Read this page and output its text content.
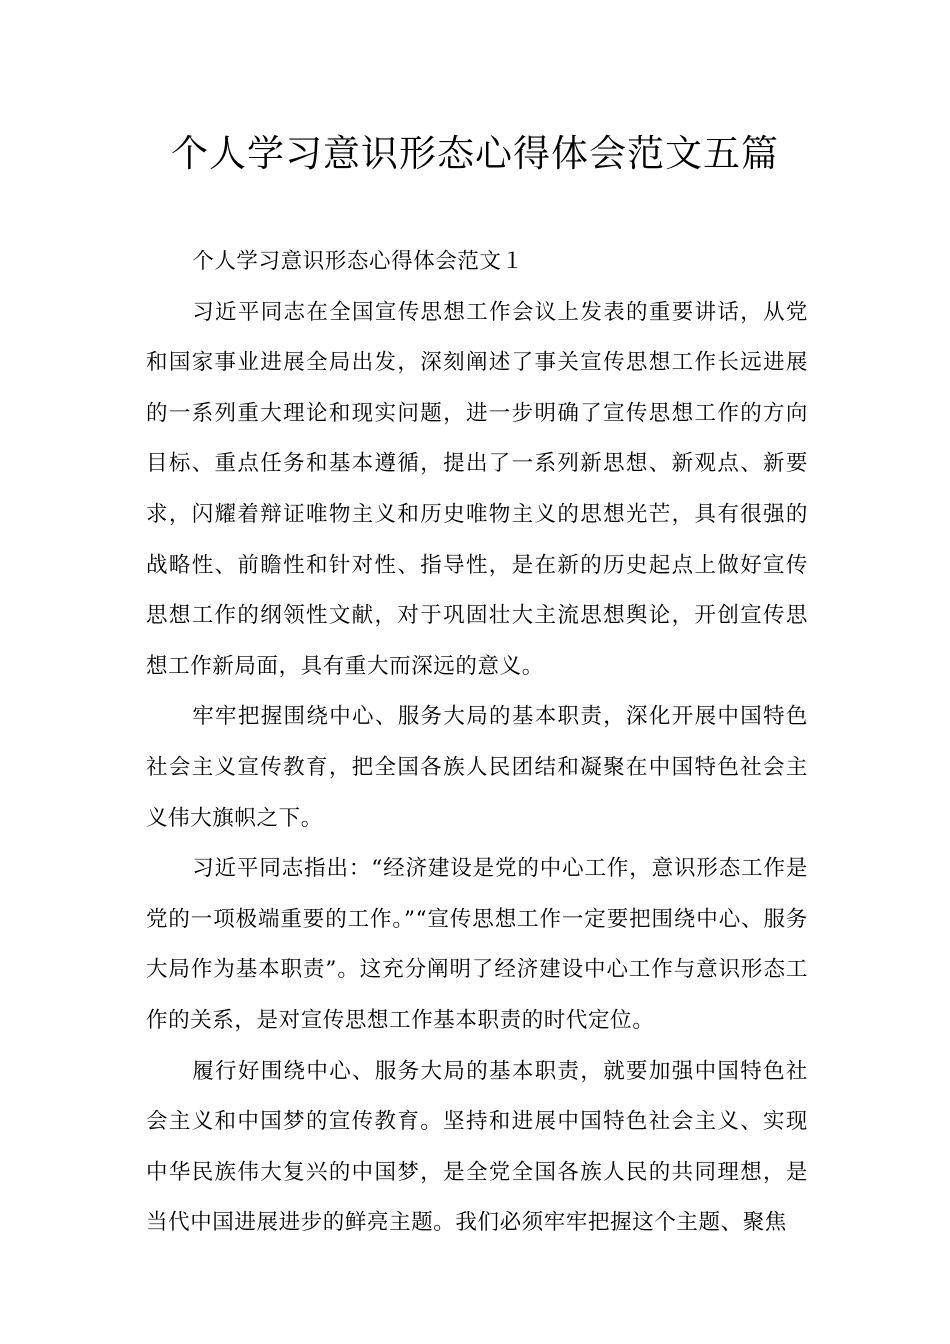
个人学习意识形态心得体会范文五篇

个人学习意识形态心得体会范文１

习近平同志在全国宣传思想工作会议上发表的重要讲话，从党和国家事业进展全局出发，深刻阐述了事关宣传思想工作长远进展的一系列重大理论和现实问题，进一步明确了宣传思想工作的方向目标、重点任务和基本遵循，提出了一系列新思想、新观点、新要求，闪耀着辩证唯物主义和历史唯物主义的思想光芒，具有很强的战略性、前瞻性和针对性、指导性，是在新的历史起点上做好宣传思想工作的纲领性文献，对于巩固壮大主流思想舆论，开创宣传思想工作新局面，具有重大而深远的意义。

牢牢把握围绕中心、服务大局的基本职责，深化开展中国特色社会主义宣传教育，把全国各族人民团结和凝聚在中国特色社会主义伟大旗帜之下。

习近平同志指出：“经济建设是党的中心工作，意识形态工作是党的一项极端重要的工作。”“宣传思想工作一定要把围绕中心、服务大局作为基本职责”。这充分阐明了经济建设中心工作与意识形态工作的关系，是对宣传思想工作基本职责的时代定位。

履行好围绕中心、服务大局的基本职责，就要加强中国特色社会主义和中国梦的宣传教育。坚持和进展中国特色社会主义、实现中华民族伟大复兴的中国梦，是全党全国各族人民的共同理想，是当代中国进展进步的鲜亮主题。我们必须牢牢把握这个主题、聚焦
